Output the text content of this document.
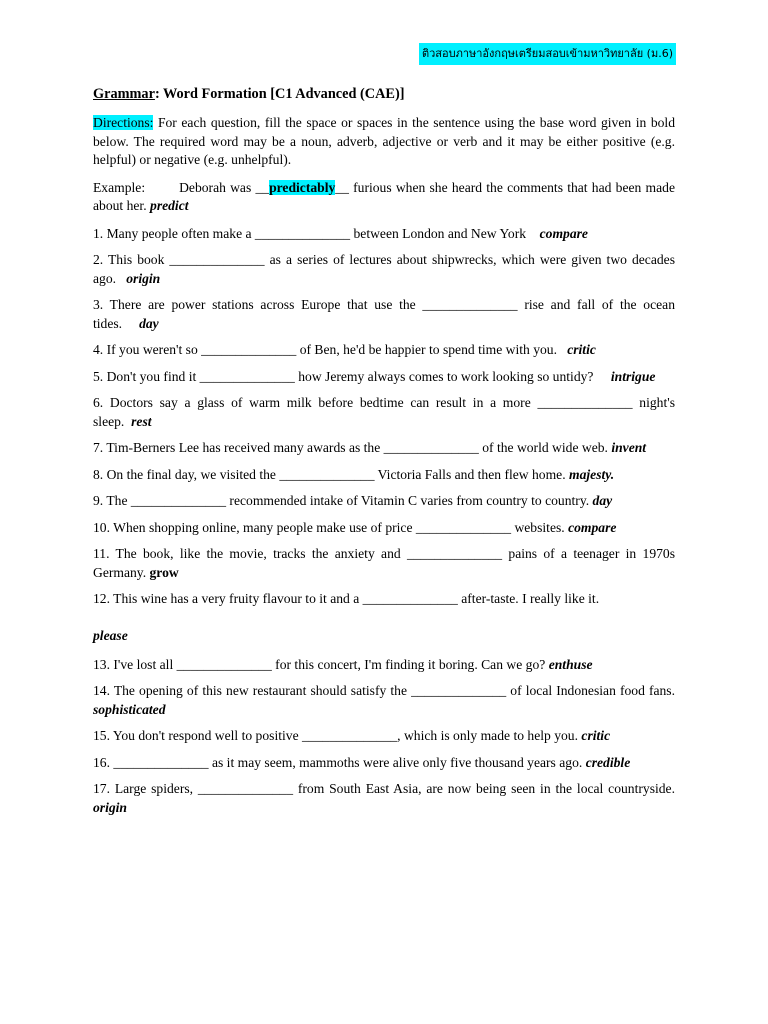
ติวสอบภาษาอังกฤษเตรียมสอบเข้ามหาวิทยาลัย (ม.6)
Grammar: Word Formation [C1 Advanced (CAE)]

Directions: For each question, fill the space or spaces in the sentence using the base word given in bold below. The required word may be a noun, adverb, adjective or verb and it may be either positive (e.g. helpful) or negative (e.g. unhelpful).

Example:	Deborah was __predictably__ furious when she heard the comments that had been made about her. predict

1. Many people often make a ______________ between London and New York compare

2. This book ______________ as a series of lectures about shipwrecks, which were given two decades ago. origin

3. There are power stations across Europe that use the ______________ rise and fall of the ocean tides. day

4. If you weren't so ______________ of Ben, he'd be happier to spend time with you. critic

5. Don't you find it ______________ how Jeremy always comes to work looking so untidy? intrigue

6. Doctors say a glass of warm milk before bedtime can result in a more ______________ night's sleep. rest

7. Tim-Berners Lee has received many awards as the ______________ of the world wide web. invent

8. On the final day, we visited the ______________ Victoria Falls and then flew home. majesty.

9. The ______________ recommended intake of Vitamin C varies from country to country. day

10. When shopping online, many people make use of price ______________ websites. compare

11. The book, like the movie, tracks the anxiety and ______________ pains of a teenager in 1970s Germany. grow

12. This wine has a very fruity flavour to it and a ______________ after-taste. I really like it.

please

13. I've lost all ______________ for this concert, I'm finding it boring. Can we go? enthuse

14. The opening of this new restaurant should satisfy the ______________ of local Indonesian food fans. sophisticated

15. You don't respond well to positive ______________, which is only made to help you. critic

16. ______________ as it may seem, mammoths were alive only five thousand years ago. credible

17. Large spiders, ______________ from South East Asia, are now being seen in the local countryside. origin
